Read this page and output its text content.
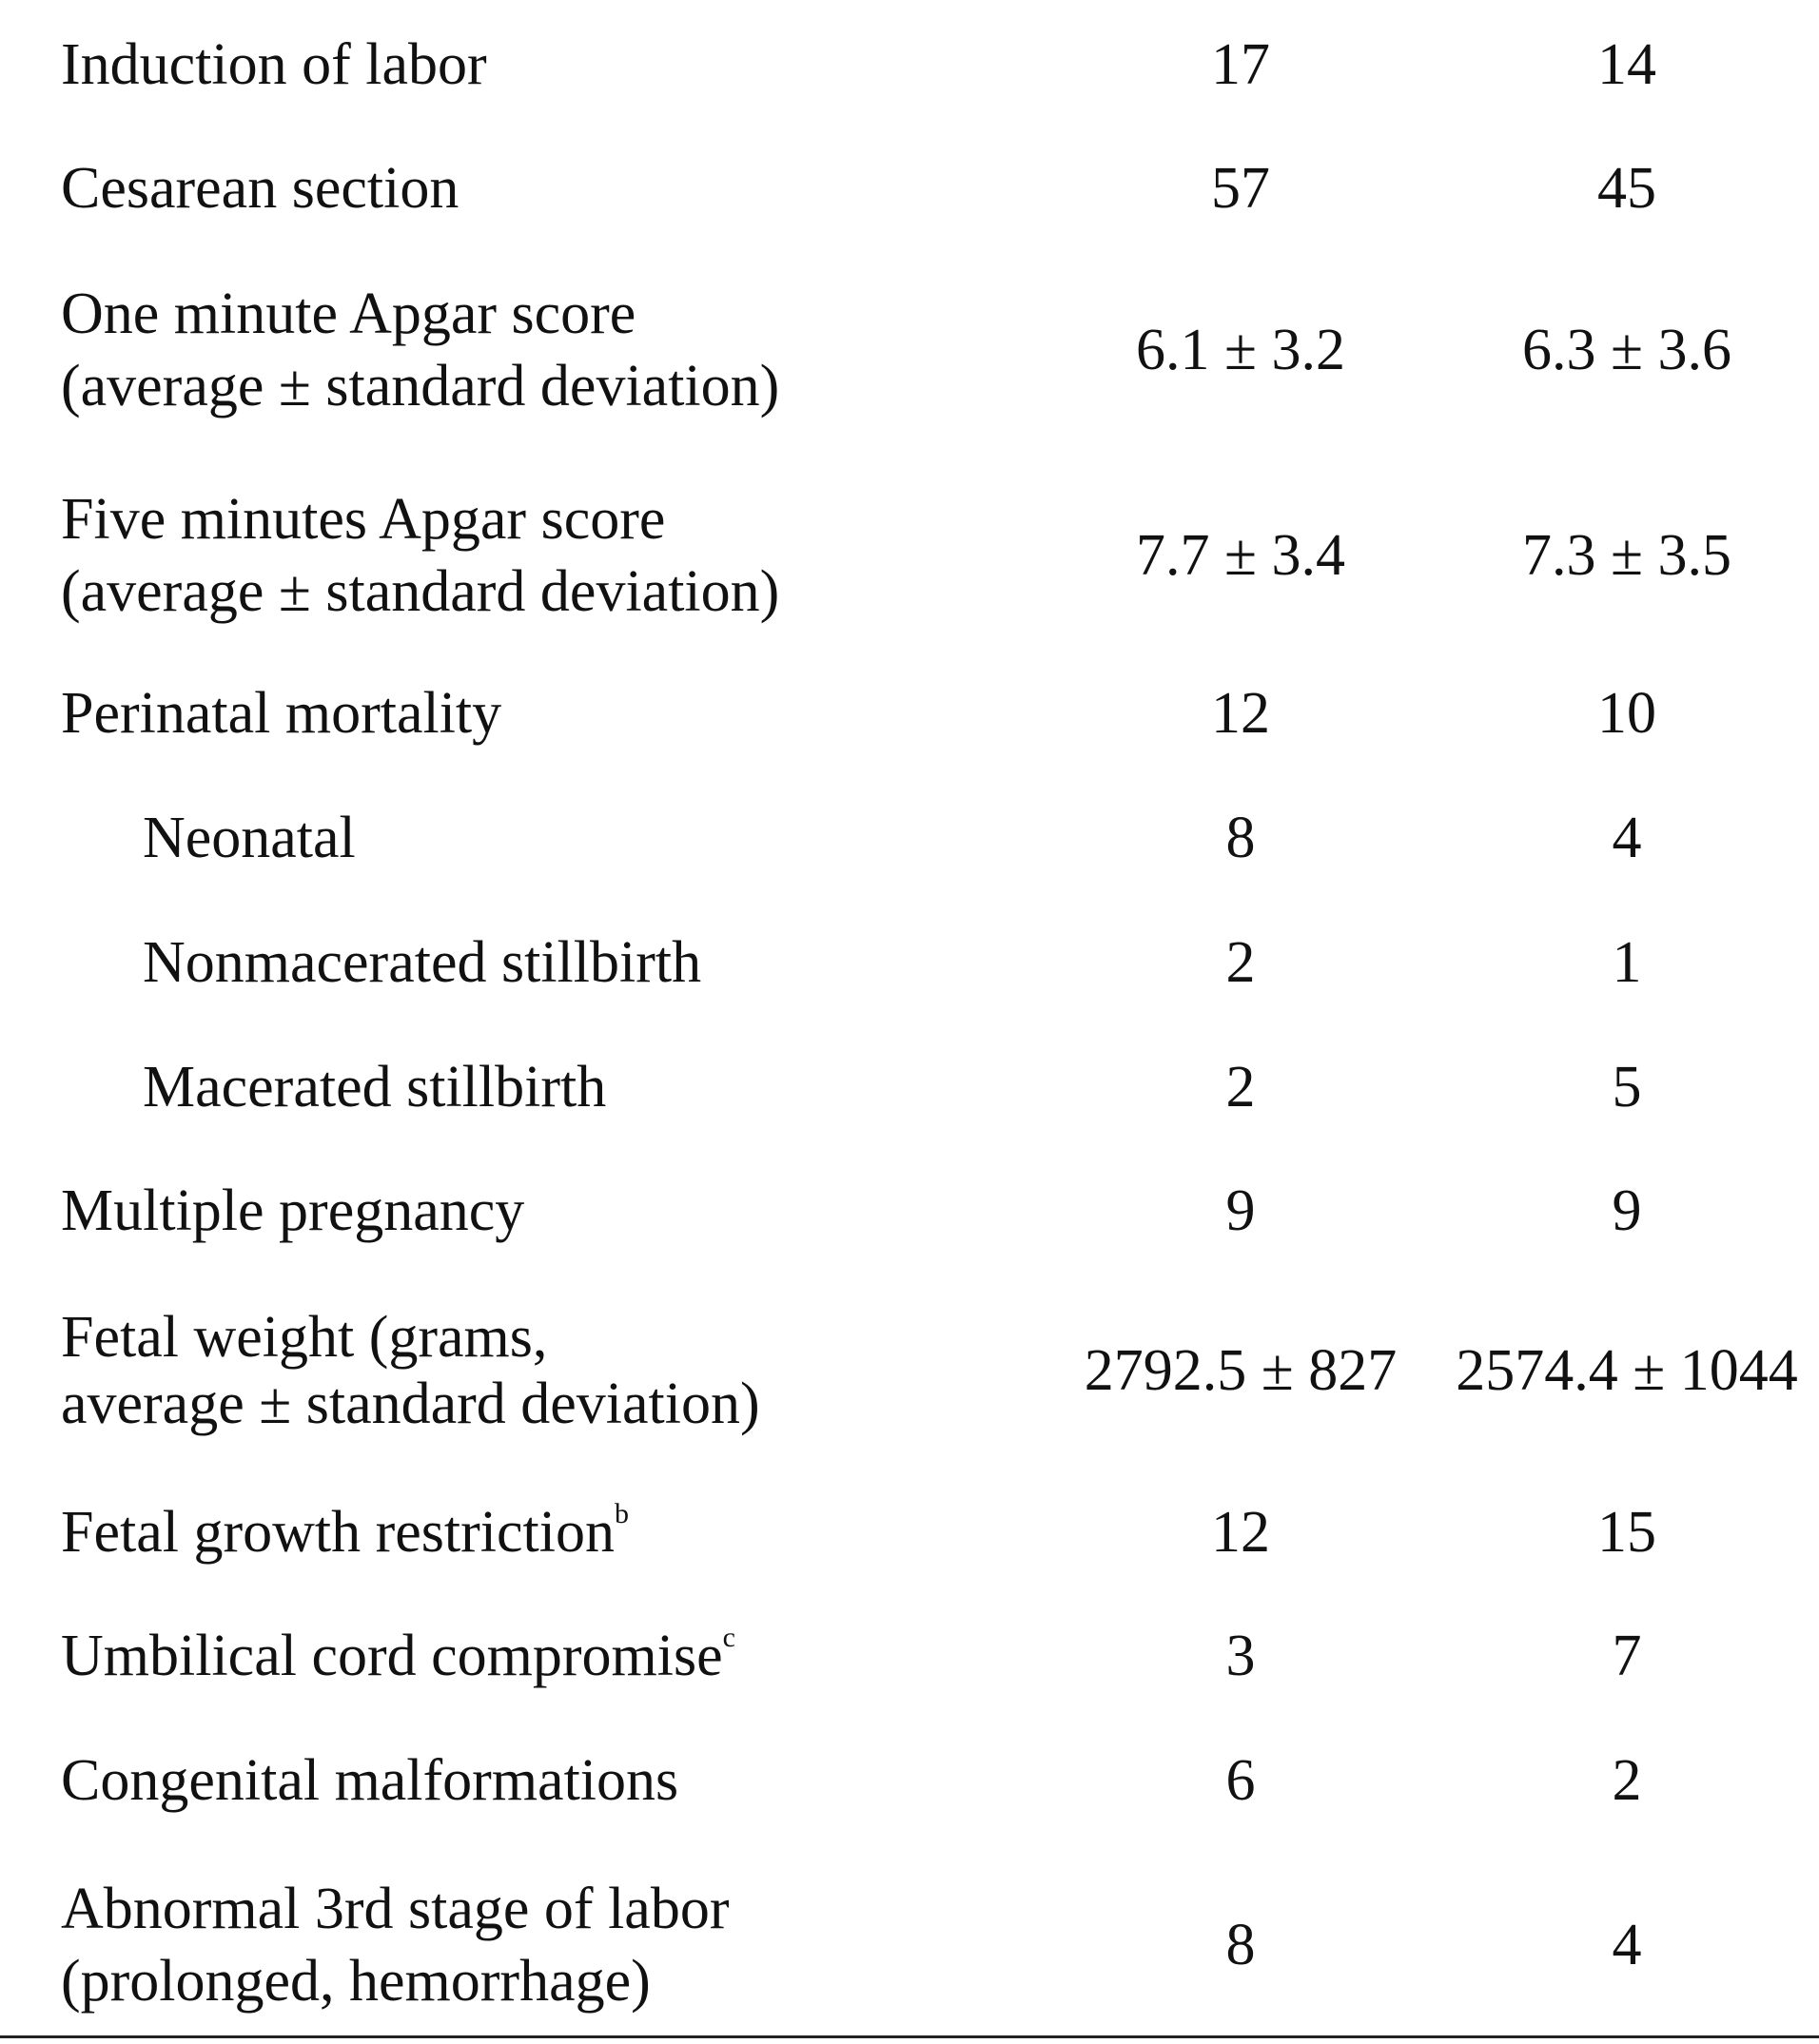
Induction of labor	17	14
Cesarean section	57	45
One minute Apgar score
(average ± standard deviation)
6.1 ± 3.2	6.3 ± 3.6
Five minutes Apgar score
(average ± standard deviation)
7.7 ± 3.4	7.3 ± 3.5
Perinatal mortality	12	10
Neonatal	8	4
Nonmacerated stillbirth	2	1
Macerated stillbirth	2	5
Multiple pregnancy	9	9
Fetal weight (grams,
average ± standard deviation)
2792.5 ± 827 2574.4 ± 1044
Fetal growth restriction$^b$	12	15
Umbilical cord compromise$^c$	3	7
Congenital malformations	6	2
Abnormal 3rd stage of labor
(prolonged, hemorrhage)
8	4
